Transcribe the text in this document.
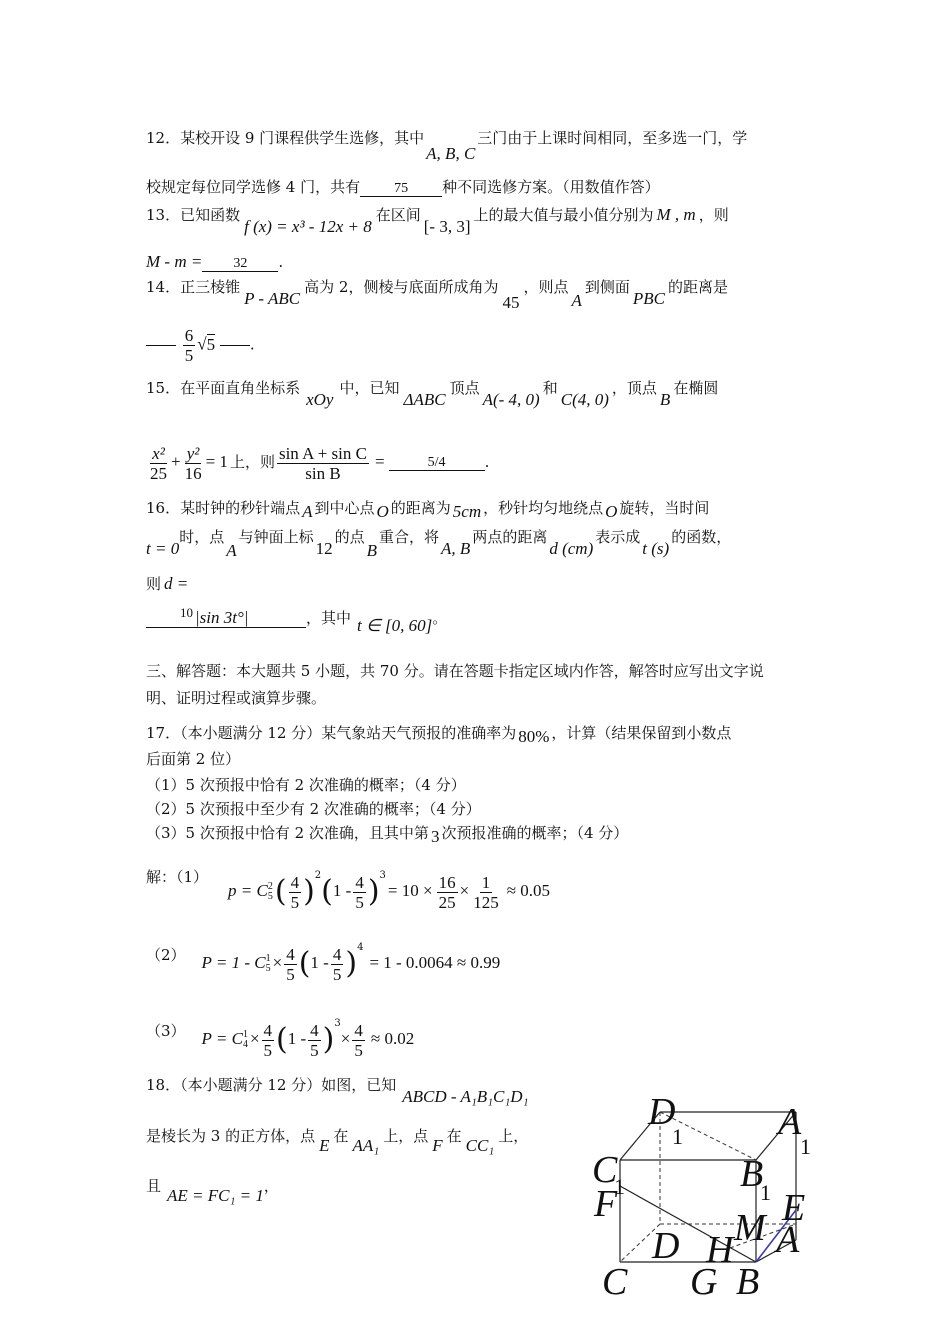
12．某校开设 9 门课程供学生选修，其中A, B, C三门由于上课时间相同，至多选一门，学
校规定每位同学选修 4 门，共有 75 种不同选修方案。（用数值作答）
13．已知函数f (x) = x³ - 12x + 8在区间[- 3, 3]上的最大值与最小值分别为 M , m ，则
M - m = 32 .
14．正三棱锥P - ABC高为 2，侧棱与底面所成角为45，则点A到侧面PBC的距离是

$\frac{6}{5} √5$ .
15．在平面直角坐标系xOy中，已知ΔABC顶点A(- 4, 0)和C(4, 0)，顶点B在椭圆
$\frac{\text{x²}}{25} + \frac{\text{y²}}{16} = 1$ 上，则 $\frac{\text{sin A + sin C}}{\text{sin B}}$ =	5/4	.
16．某时钟的秒针端点 A 到中心点 O 的距离为 5cm ，秒针均匀地绕点 O 旋转，当时间
t = 0时，点A与钟面上标12的点B重合，将A, B两点的距离d (cm)表示成t (s)的函数，
则 d =
10 |sin 3t°|	，其中 t ∈ [0, 60]。
三、解答题：本大题共 5 小题，共 70 分。请在答题卡指定区域内作答，解答时应写出文字说
明、证明过程或演算步骤。
17．（本小题满分 12 分）某气象站天气预报的准确率为 80% ，计算（结果保留到小数点
后面第 2 位）
（1）5 次预报中恰有 2 次准确的概率；（4 分）
（2）5 次预报中至少有 2 次准确的概率；（4 分）
（3）5 次预报中恰有 2 次准确，且其中第 3 次预报准确的概率；（4 分）
解：（1）p = C 2
5 ( $\frac{4}{5} )^2(1 - \frac{4}{5} )^3= 10 \times \frac{16}{25} \times \frac{1}{125} \approx 0.05$
（2） P = 1 - C 1
$5 \times \frac{4}{5} (1 - \frac{4}{5} )^4= 1 - 0.0064 \approx 0.99$
（3） P = C 1
$4 \times \frac{4}{5} (1 - \frac{4}{5} )^3\times \frac{4}{5} \approx 0.02$
18．（本小题满分 12 分）如图，已知ABCD - A₁B₁C₁D₁
是棱长为 3 的正方体，点 E 在 AA₁ 上，点 F 在 CC₁ 上，
且 AE = FC₁ = 1，
D
1	A
1
C
1	B
1
F	E
M
D H A
C G B
